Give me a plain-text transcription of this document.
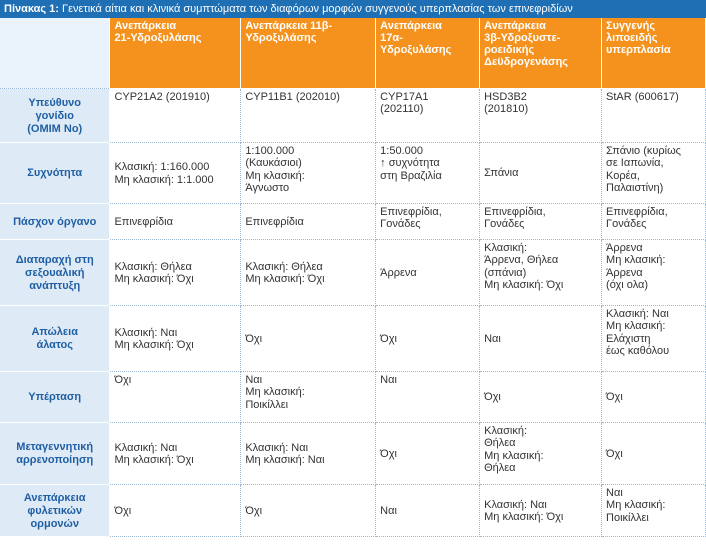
Πίνακας 1: Γενετικά αίτια και κλινικά συμπτώματα των διαφόρων μορφών συγγενούς υπερπλασίας των επινεφριδίων
	Ανεπάρκεια
21-Υδροξυλάσης	Ανεπάρκεια 11β-
Υδροξυλάσης	Ανεπάρκεια
17α-
Υδροξυλάσης	Ανεπάρκεια
3β-Υδροξυστε-
ροειδικής
Δεϋδρογενάσης	Συγγενής
λιποειδής
υπερπλασία
Υπεύθυνο
γονίδιο
(ΟΜΙΜ Νο)	CYP21A2 (201910)	CYP11B1 (202010)	CYP17A1
(202110)	HSD3B2
(201810)	StAR (600617)
Συχνότητα	Κλασική: 1:160.000
Μη κλασική: 1:1.000	1:100.000
(Καυκάσιοι)
Μη κλασική:
Άγνωστο	1:50.000
↑ συχνότητα
στη Βραζιλία	Σπάνια	Σπάνιο (κυρίως
σε Ιαπωνία,
Κορέα,
Παλαιστίνη)
Πάσχον όργανο	Επινεφρίδια	Επινεφρίδια	Επινεφρίδια,
Γονάδες	Επινεφρίδια,
Γονάδες	Επινεφρίδια,
Γονάδες
Διαταραχή στη
σεξουαλική
ανάπτυξη	Κλασική: Θήλεα
Μη κλασική: Όχι	Κλασική: Θήλεα
Μη κλασική: Όχι	Άρρενα	Κλασική:
Άρρενα, Θήλεα
(σπάνια)
Μη κλασική: Όχι	Άρρενα
Μη κλασική:
Άρρενα
(όχι ολα)
Απώλεια
άλατος	Κλασική: Ναι
Μη κλασική: Όχι	Όχι	Όχι	Ναι	Κλασική: Ναι
Μη κλασική:
Ελάχιστη
έως καθόλου
Υπέρταση	Όχι	Ναι
Μη κλασική:
Ποικίλλει	Ναι	Όχι	Όχι
Μεταγεννητική
αρρενοποίηση	Κλασική: Ναι
Μη κλασική: Όχι	Κλασική: Ναι
Μη κλασική: Ναι	Όχι	Κλασική:
Θήλεα
Μη κλασική:
Θήλεα	Όχι
Ανεπάρκεια
φυλετικών
ορμονών	Όχι	Όχι	Ναι	Κλασική: Ναι
Μη κλασική: Όχι	Ναι
Μη κλασική:
Ποικίλλει
